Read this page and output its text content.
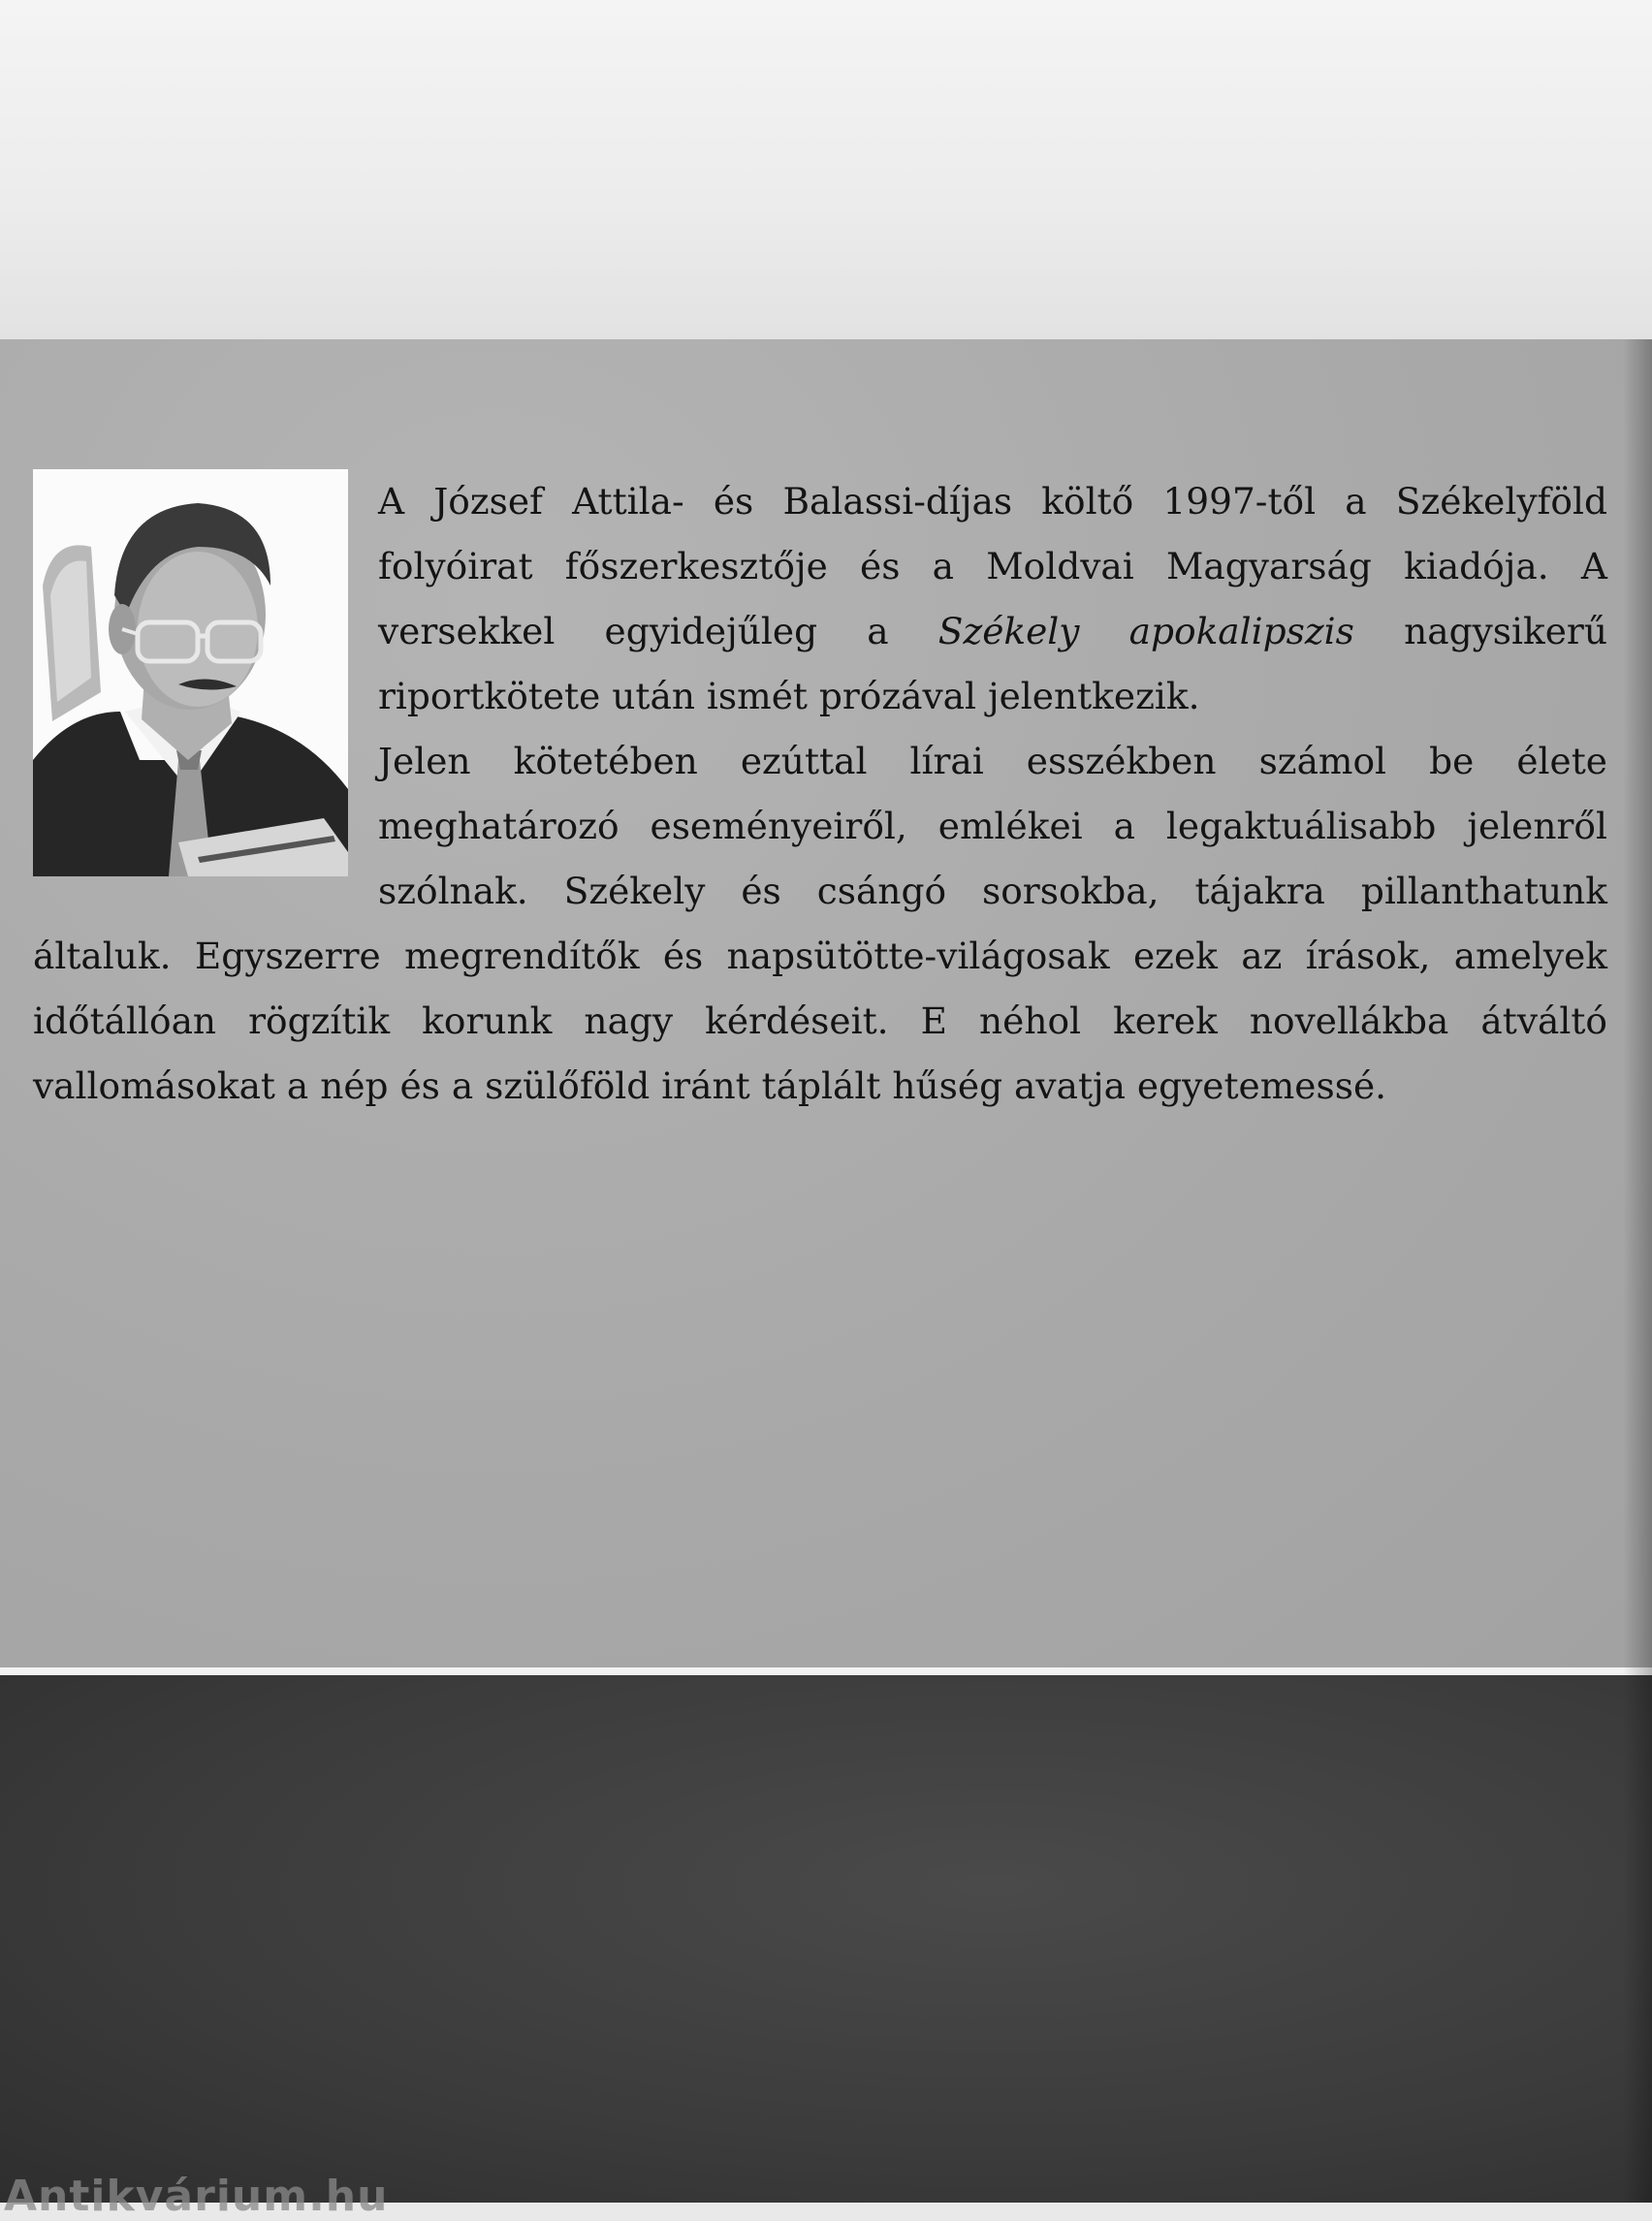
A József Attila- és Balassi-díjas költő 1997-től a Székelyföld folyóirat főszerkesztője és a Moldvai Magyarság kiadója. A versekkel egyidejűleg a Székely apokalipszis nagysikerű riportkötete után ismét prózával jelentkezik.

Jelen kötetében ezúttal lírai esszékben számol be élete meghatározó eseményeiről, emlékei a legaktuálisabb jelenről szólnak. Székely és csángó sorsokba, tájakra pillanthatunk általuk. Egyszerre megrendítők és napsütötte-világosak ezek az írások, amelyek időtállóan rögzítik korunk nagy kérdéseit. E néhol kerek novellákba átváltó vallomásokat a nép és a szülőföld iránt táplált hűség avatja egyetemessé.

Antikvárium.hu
